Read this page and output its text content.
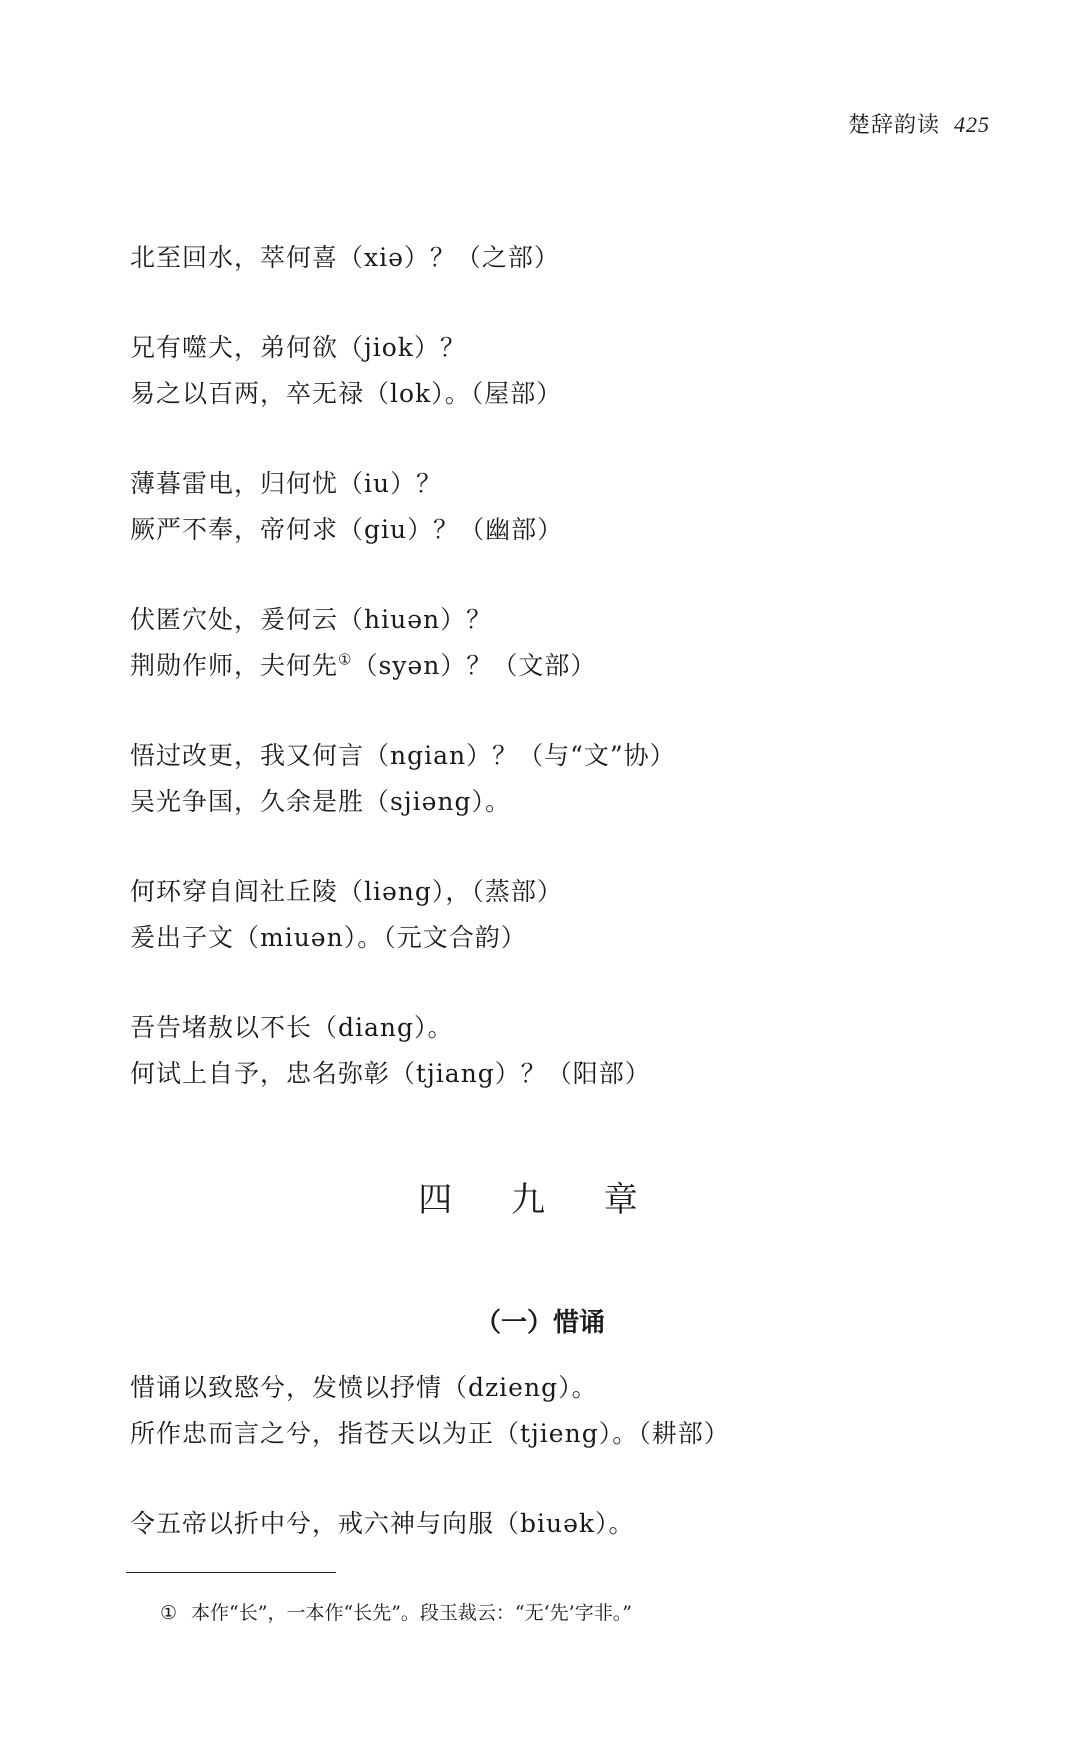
楚辞韵读 425
北至回水，萃何喜（xiə）？（之部）
兄有噬犬，弟何欲（jiok）？
易之以百两，卒无禄（lok）。（屋部）
薄暮雷电，归何忧（iu）？
厥严不奉，帝何求（giu）？（幽部）
伏匿穴处，爰何云（hiuən）？
荆勋作师，夫何先①（syən）？（文部）
悟过改更，我又何言（ngian）？（与“文”协）
吴光争国，久余是胜（sjiəng）。
何环穿自闾社丘陵（liəng），（蒸部）
爰出子文（miuən）。（元文合韵）
吾告堵敖以不长（diang）。
何试上自予，忠名弥彰（tjiang）？（阳部）
四 九 章
（一）惜诵
惜诵以致愍兮，发愤以抒情（dzieng）。
所作忠而言之兮，指苍天以为正（tjieng）。（耕部）
令五帝以折中兮，戒六神与向服（biuək）。
① 本作“长”，一本作“长先”。段玉裁云：“无‘先’字非。”
